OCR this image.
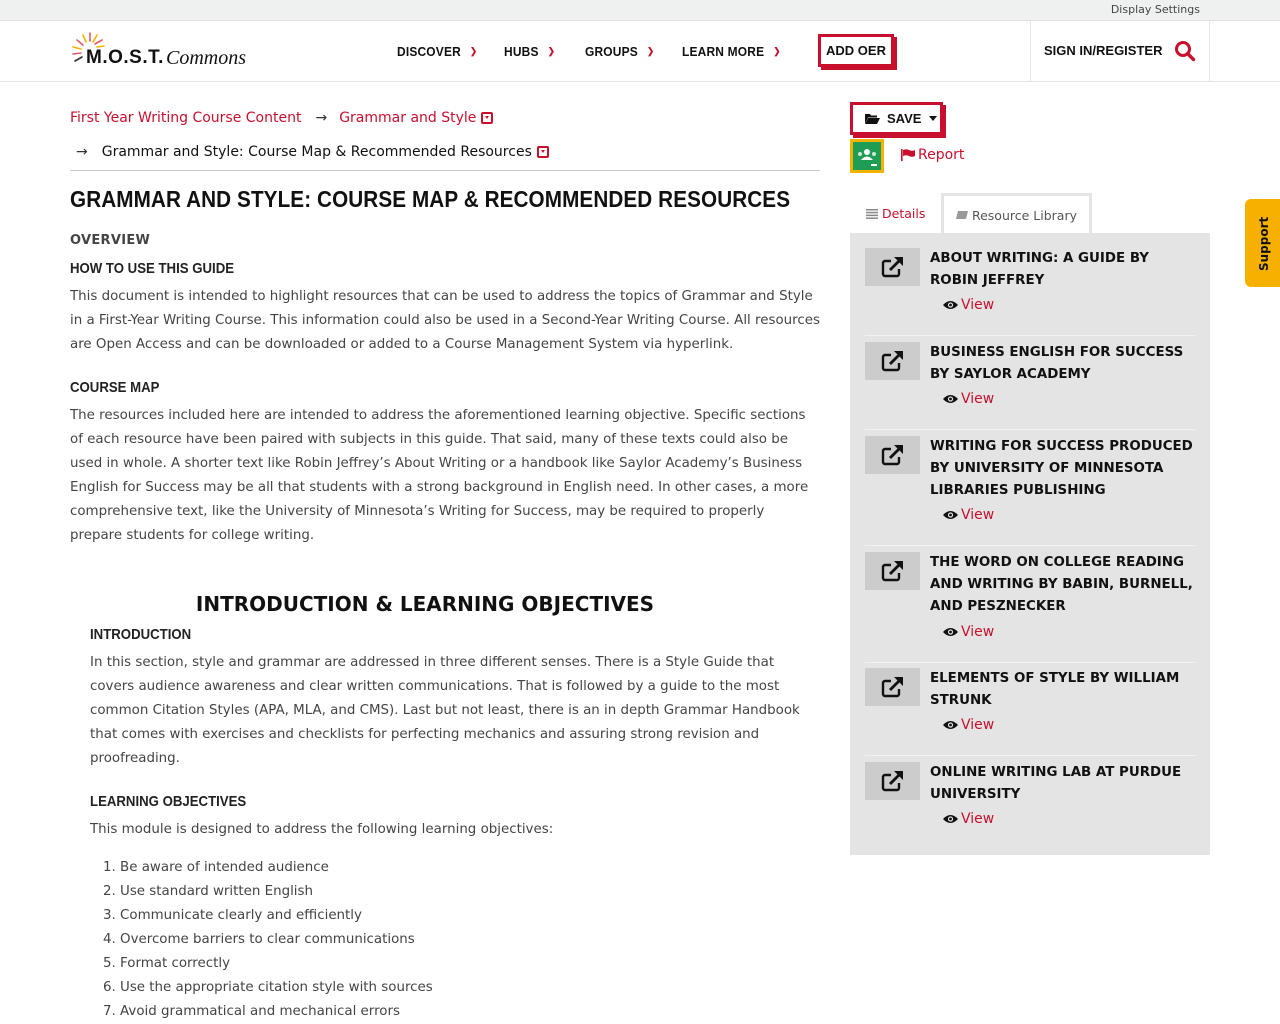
Display Settings
M.O.S.T. Commons	DISCOVER ❯ HUBS ❯ GROUPS ❯ LEARN MORE ❯	ADD OER	SIGN IN/REGISTER
First Year Writing Course Content → Grammar and Style
→ Grammar and Style: Course Map & Recommended Resources
GRAMMAR AND STYLE: COURSE MAP & RECOMMENDED RESOURCES
OVERVIEW
HOW TO USE THIS GUIDE

This document is intended to highlight resources that can be used to address the topics of Grammar and Style in a First-Year Writing Course. This information could also be used in a Second-Year Writing Course. All resources are Open Access and can be downloaded or added to a Course Management System via hyperlink.

COURSE MAP

The resources included here are intended to address the aforementioned learning objective. Specific sections of each resource have been paired with subjects in this guide. That said, many of these texts could also be used in whole. A shorter text like Robin Jeffrey’s About Writing or a handbook like Saylor Academy’s Business English for Success may be all that students with a strong background in English need. In other cases, a more comprehensive text, like the University of Minnesota’s Writing for Success, may be required to properly prepare students for college writing.

INTRODUCTION & LEARNING OBJECTIVES
INTRODUCTION

In this section, style and grammar are addressed in three different senses. There is a Style Guide that covers audience awareness and clear written communications. That is followed by a guide to the most common Citation Styles (APA, MLA, and CMS). Last but not least, there is an in depth Grammar Handbook that comes with exercises and checklists for perfecting mechanics and assuring strong revision and proofreading.

LEARNING OBJECTIVES

This module is designed to address the following learning objectives:

1. Be aware of intended audience
2. Use standard written English
3. Communicate clearly and efficiently
4. Overcome barriers to clear communications
5. Format correctly
6. Use the appropriate citation style with sources
7. Avoid grammatical and mechanical errors
SAVE
Report
Details	Resource Library
ABOUT WRITING: A GUIDE BY ROBIN JEFFREY
View
BUSINESS ENGLISH FOR SUCCESS BY SAYLOR ACADEMY
View
WRITING FOR SUCCESS PRODUCED BY UNIVERSITY OF MINNESOTA LIBRARIES PUBLISHING
View
THE WORD ON COLLEGE READING AND WRITING BY BABIN, BURNELL, AND PESZNECKER
View
ELEMENTS OF STYLE BY WILLIAM STRUNK
View
ONLINE WRITING LAB AT PURDUE UNIVERSITY
View
Support
